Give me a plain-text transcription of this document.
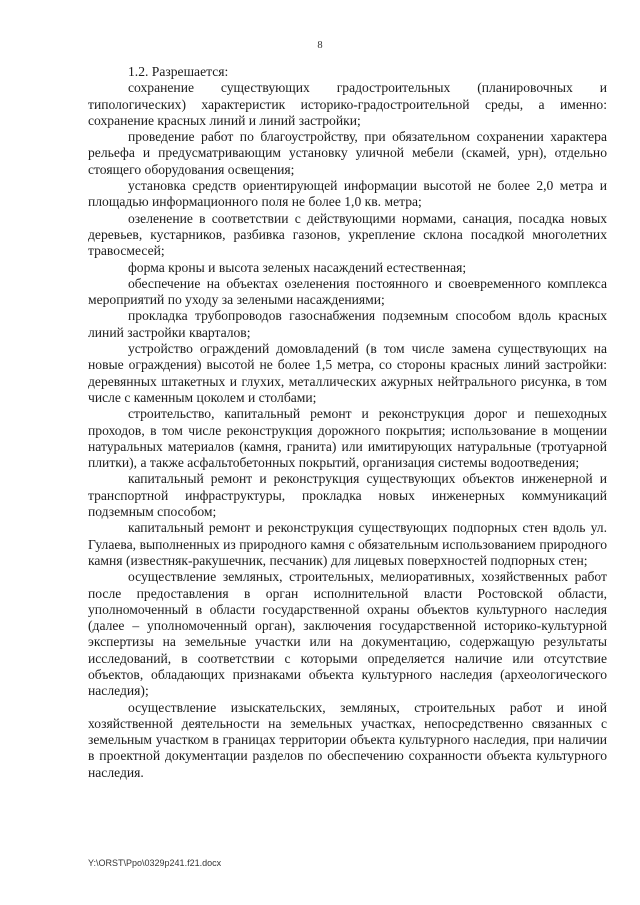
8

1.2. Разрешается:

сохранение существующих градостроительных (планировочных и типологических) характеристик историко-градостроительной среды, а именно: сохранение красных линий и линий застройки;

проведение работ по благоустройству, при обязательном сохранении характера рельефа и предусматривающим установку уличной мебели (скамей, урн), отдельно стоящего оборудования освещения;

установка средств ориентирующей информации высотой не более 2,0 метра и площадью информационного поля не более 1,0 кв. метра;

озеленение в соответствии с действующими нормами, санация, посадка новых деревьев, кустарников, разбивка газонов, укрепление склона посадкой многолетних травосмесей;

форма кроны и высота зеленых насаждений естественная;

обеспечение на объектах озеленения постоянного и своевременного комплекса мероприятий по уходу за зелеными насаждениями;

прокладка трубопроводов газоснабжения подземным способом вдоль красных линий застройки кварталов;

устройство ограждений домовладений (в том числе замена существующих на новые ограждения) высотой не более 1,5 метра, со стороны красных линий застройки: деревянных штакетных и глухих, металлических ажурных нейтрального рисунка, в том числе с каменным цоколем и столбами;

строительство, капитальный ремонт и реконструкция дорог и пешеходных проходов, в том числе реконструкция дорожного покрытия; использование в мощении натуральных материалов (камня, гранита) или имитирующих натуральные (тротуарной плитки), а также асфальтобетонных покрытий, организация системы водоотведения;

капитальный ремонт и реконструкция существующих объектов инженерной и транспортной инфраструктуры, прокладка новых инженерных коммуникаций подземным способом;

капитальный ремонт и реконструкция существующих подпорных стен вдоль ул. Гулаева, выполненных из природного камня с обязательным использованием природного камня (известняк-ракушечник, песчаник) для лицевых поверхностей подпорных стен;

осуществление земляных, строительных, мелиоративных, хозяйственных работ после предоставления в орган исполнительной власти Ростовской области, уполномоченный в области государственной охраны объектов культурного наследия (далее – уполномоченный орган), заключения государственной историко-культурной экспертизы на земельные участки или на документацию, содержащую результаты исследований, в соответствии с которыми определяется наличие или отсутствие объектов, обладающих признаками объекта культурного наследия (археологического наследия);

осуществление изыскательских, земляных, строительных работ и иной хозяйственной деятельности на земельных участках, непосредственно связанных с земельным участком в границах территории объекта культурного наследия, при наличии в проектной документации разделов по обеспечению сохранности объекта культурного наследия.

Y:\ORST\Ppo\0329p241.f21.docx
